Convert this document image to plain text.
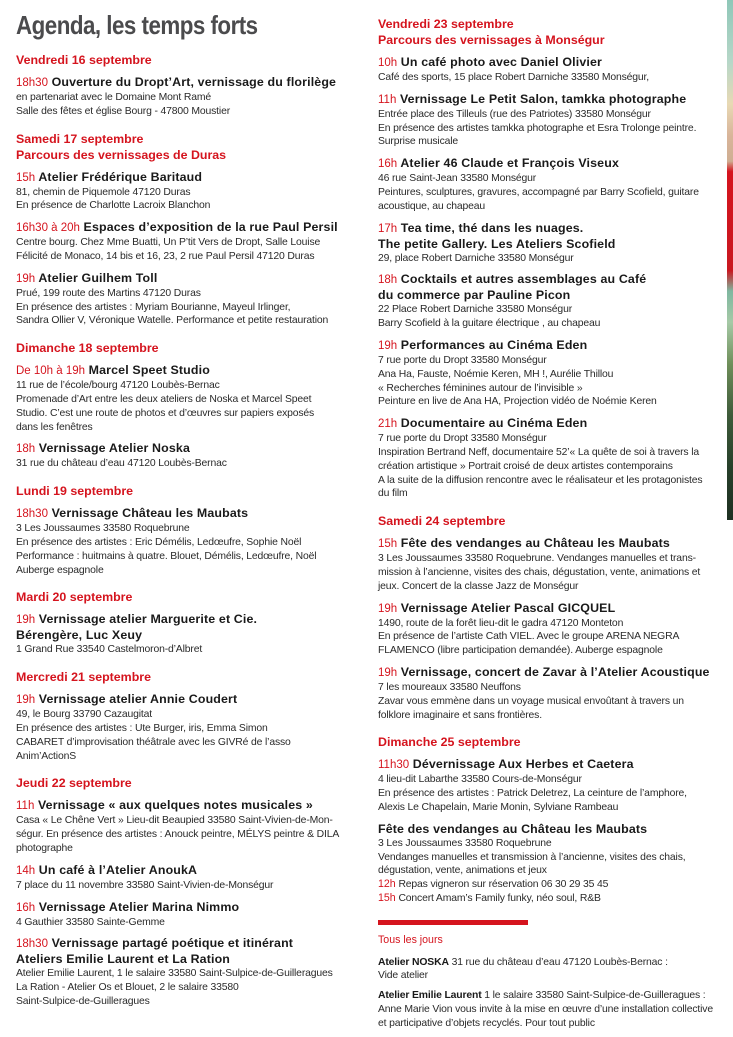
Agenda, les temps forts
Vendredi 16 septembre
18h30 Ouverture du Dropt’Art, vernissage du florilège
en partenariat avec le Domaine Mont Ramé
Salle des fêtes et église Bourg - 47800 Moustier
Samedi 17 septembre
Parcours des vernissages de Duras
15h Atelier Frédérique Baritaud
81, chemin de Piquemole 47120 Duras
En présence de Charlotte Lacroix Blanchon
16h30 à 20h Espaces d’exposition de la rue Paul Persil
Centre bourg. Chez Mme Buatti, Un P’tit Vers de Dropt, Salle Louise
Félicité de Monaco, 14 bis et 16, 23, 2 rue Paul Persil 47120 Duras
19h Atelier Guilhem Toll
Prué, 199 route des Martins 47120 Duras
En présence des artistes : Myriam Bourianne, Mayeul Irlinger,
Sandra Ollier V, Véronique Watelle. Performance et petite restauration
Dimanche 18 septembre
De 10h à 19h Marcel Speet Studio
11 rue de l’école/bourg 47120 Loubès-Bernac
Promenade d’Art entre les deux ateliers de Noska et Marcel Speet
Studio. C’est une route de photos et d’œuvres sur papiers exposés
dans les fenêtres
18h Vernissage Atelier Noska
31 rue du château d’eau 47120 Loubès-Bernac
Lundi 19 septembre
18h30 Vernissage Château les Maubats
3 Les Joussaumes 33580 Roquebrune
En présence des artistes : Eric Démélis, Ledœufre, Sophie Noël
Performance : huitmains à quatre. Blouet, Démélis, Ledœufre, Noël
Auberge espagnole
Mardi 20 septembre
19h Vernissage atelier Marguerite et Cie.
Bérengère, Luc Xeuy
1 Grand Rue 33540 Castelmoron-d’Albret
Mercredi 21 septembre
19h Vernissage atelier Annie Coudert
49, le Bourg 33790 Cazaugitat
En présence des artistes : Ute Burger, iris, Emma Simon
CABARET d’improvisation théâtrale avec les GIVRé de l’asso
Anim’ActionS
Jeudi 22 septembre
11h Vernissage « aux quelques notes musicales »
Casa « Le Chêne Vert » Lieu-dit Beaupied 33580 Saint-Vivien-de-Mon-
ségur. En présence des artistes : Anouck peintre, MÉLYS peintre & DILA
photographe
14h Un café à l’Atelier AnoukA
7 place du 11 novembre 33580 Saint-Vivien-de-Monségur
16h Vernissage Atelier Marina Nimmo
4 Gauthier 33580 Sainte-Gemme
18h30 Vernissage partagé poétique et itinérant
Ateliers Emilie Laurent et La Ration
Atelier Emilie Laurent, 1 le salaire 33580 Saint-Sulpice-de-Guilleragues
La Ration - Atelier Os et Blouet, 2 le salaire 33580
Saint-Sulpice-de-Guilleragues
Vendredi 23 septembre
Parcours des vernissages à Monségur
10h Un café photo avec Daniel Olivier
Café des sports, 15 place Robert Darniche 33580 Monségur,
11h Vernissage Le Petit Salon, tamkka photographe
Entrée place des Tilleuls (rue des Patriotes) 33580 Monségur
En présence des artistes tamkka photographe et Esra Trolonge peintre.
Surprise musicale
16h Atelier 46 Claude et François Viseux
46 rue Saint-Jean 33580 Monségur
Peintures, sculptures, gravures, accompagné par Barry Scofield, guitare
acoustique, au chapeau
17h Tea time, thé dans les nuages.
The petite Gallery. Les Ateliers Scofield
29, place Robert Darniche 33580 Monségur
18h Cocktails et autres assemblages au Café
du commerce par Pauline Picon
22 Place Robert Darniche 33580 Monségur
Barry Scofield à la guitare électrique , au chapeau
19h Performances au Cinéma Eden
7 rue porte du Dropt 33580 Monségur
Ana Ha, Fauste, Noémie Keren, MH !, Aurélie Thillou
« Recherches féminines autour de l’invisible »
Peinture en live de Ana HA, Projection vidéo de Noémie Keren
21h Documentaire au Cinéma Eden
7 rue porte du Dropt 33580 Monségur
Inspiration Bertrand Neff, documentaire 52’« La quête de soi à travers la
création artistique » Portrait croisé de deux artistes contemporains
A la suite de la diffusion rencontre avec le réalisateur et les protagonistes
du film
Samedi 24 septembre
15h Fête des vendanges au Château les Maubats
3 Les Joussaumes 33580 Roquebrune. Vendanges manuelles et trans-
mission à l’ancienne, visites des chais, dégustation, vente, animations et
jeux. Concert de la classe Jazz de Monségur
19h Vernissage Atelier Pascal GICQUEL
1490, route de la forêt lieu-dit le gadra 47120 Monteton
En présence de l’artiste Cath VIEL. Avec le groupe ARENA NEGRA
FLAMENCO (libre participation demandée). Auberge espagnole
19h Vernissage, concert de Zavar à l’Atelier Acoustique
7 les moureaux 33580 Neuffons
Zavar vous emmène dans un voyage musical envoûtant à travers un
folklore imaginaire et sans frontières.
Dimanche 25 septembre
11h30 Dévernissage Aux Herbes et Caetera
4 lieu-dit Labarthe 33580 Cours-de-Monségur
En présence des artistes : Patrick Deletrez, La ceinture de l’amphore,
Alexis Le Chapelain, Marie Monin, Sylviane Rambeau
Fête des vendanges au Château les Maubats
3 Les Joussaumes 33580 Roquebrune
Vendanges manuelles et transmission à l’ancienne, visites des chais,
dégustation, vente, animations et jeux
12h Repas vigneron sur réservation 06 30 29 35 45
15h Concert Amam’s Family funky, néo soul, R&B
Tous les jours
Atelier NOSKA 31 rue du château d’eau 47120 Loubès-Bernac :
Vide atelier
Atelier Emilie Laurent 1 le salaire 33580 Saint-Sulpice-de-Guilleragues :
Anne Marie Vion vous invite à la mise en œuvre d’une installation collective
et participative d’objets recyclés. Pour tout public
